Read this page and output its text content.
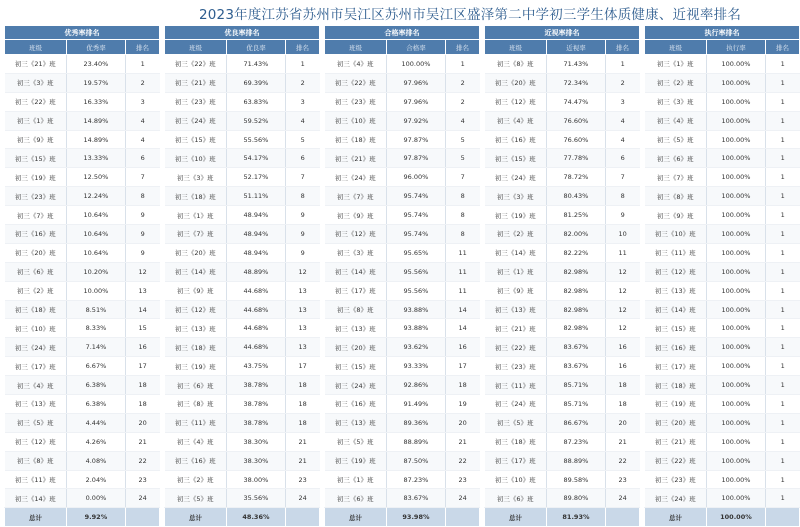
2023年度江苏省苏州市吴江区苏州市吴江区盛泽第二中学初三学生体质健康、近视率排名
优秀率排名		
班级	优秀率	排名
初三《21》班	23.40%	1
初三《3》班	19.57%	2
初三《22》班	16.33%	3
初三《1》班	14.89%	4
初三《9》班	14.89%	4
初三《15》班	13.33%	6
初三《19》班	12.50%	7
初三《23》班	12.24%	8
初三《7》班	10.64%	9
初三《16》班	10.64%	9
初三《20》班	10.64%	9
初三《6》班	10.20%	12
初三《2》班	10.00%	13
初三《18》班	8.51%	14
初三《10》班	8.33%	15
初三《24》班	7.14%	16
初三《17》班	6.67%	17
初三《4》班	6.38%	18
初三《13》班	6.38%	18
初三《5》班	4.44%	20
初三《12》班	4.26%	21
初三《8》班	4.08%	22
初三《11》班	2.04%	23
初三《14》班	0.00%	24
总计	9.92%	
优良率排名		
班级	优良率	排名
初三《22》班	71.43%	1
初三《21》班	69.39%	2
初三《23》班	63.83%	3
初三《24》班	59.52%	4
初三《15》班	55.56%	5
初三《10》班	54.17%	6
初三《3》班	52.17%	7
初三《18》班	51.11%	8
初三《1》班	48.94%	9
初三《7》班	48.94%	9
初三《20》班	48.94%	9
初三《14》班	48.89%	12
初三《9》班	44.68%	13
初三《12》班	44.68%	13
初三《13》班	44.68%	13
初三《18》班	44.68%	13
初三《19》班	43.75%	17
初三《6》班	38.78%	18
初三《8》班	38.78%	18
初三《11》班	38.78%	18
初三《4》班	38.30%	21
初三《16》班	38.30%	21
初三《2》班	38.00%	23
初三《5》班	35.56%	24
总计	48.36%	
合格率排名		
班级	合格率	排名
初三《4》班	100.00%	1
初三《22》班	97.96%	2
初三《23》班	97.96%	2
初三《10》班	97.92%	4
初三《18》班	97.87%	5
初三《21》班	97.87%	5
初三《24》班	96.00%	7
初三《7》班	95.74%	8
初三《9》班	95.74%	8
初三《12》班	95.74%	8
初三《3》班	95.65%	11
初三《14》班	95.56%	11
初三《17》班	95.56%	11
初三《8》班	93.88%	14
初三《13》班	93.88%	14
初三《20》班	93.62%	16
初三《15》班	93.33%	17
初三《24》班	92.86%	18
初三《16》班	91.49%	19
初三《13》班	89.36%	20
初三《5》班	88.89%	21
初三《19》班	87.50%	22
初三《1》班	87.23%	23
初三《6》班	83.67%	24
总计	93.98%	
近视率排名		
班级	近视率	排名
初三《8》班	71.43%	1
初三《20》班	72.34%	2
初三《12》班	74.47%	3
初三《4》班	76.60%	4
初三《16》班	76.60%	4
初三《15》班	77.78%	6
初三《24》班	78.72%	7
初三《3》班	80.43%	8
初三《19》班	81.25%	9
初三《2》班	82.00%	10
初三《14》班	82.22%	11
初三《1》班	82.98%	12
初三《9》班	82.98%	12
初三《13》班	82.98%	12
初三《21》班	82.98%	12
初三《22》班	83.67%	16
初三《23》班	83.67%	16
初三《11》班	85.71%	18
初三《24》班	85.71%	18
初三《5》班	86.67%	20
初三《18》班	87.23%	21
初三《17》班	88.89%	22
初三《10》班	89.58%	23
初三《6》班	89.80%	24
总计	81.93%	
执行率排名		
班级	执行率	排名
初三《1》班	100.00%	1
初三《2》班	100.00%	1
初三《3》班	100.00%	1
初三《4》班	100.00%	1
初三《5》班	100.00%	1
初三《6》班	100.00%	1
初三《7》班	100.00%	1
初三《8》班	100.00%	1
初三《9》班	100.00%	1
初三《10》班	100.00%	1
初三《11》班	100.00%	1
初三《12》班	100.00%	1
初三《13》班	100.00%	1
初三《14》班	100.00%	1
初三《15》班	100.00%	1
初三《16》班	100.00%	1
初三《17》班	100.00%	1
初三《18》班	100.00%	1
初三《19》班	100.00%	1
初三《20》班	100.00%	1
初三《21》班	100.00%	1
初三《22》班	100.00%	1
初三《23》班	100.00%	1
初三《24》班	100.00%	1
总计	100.00%	
